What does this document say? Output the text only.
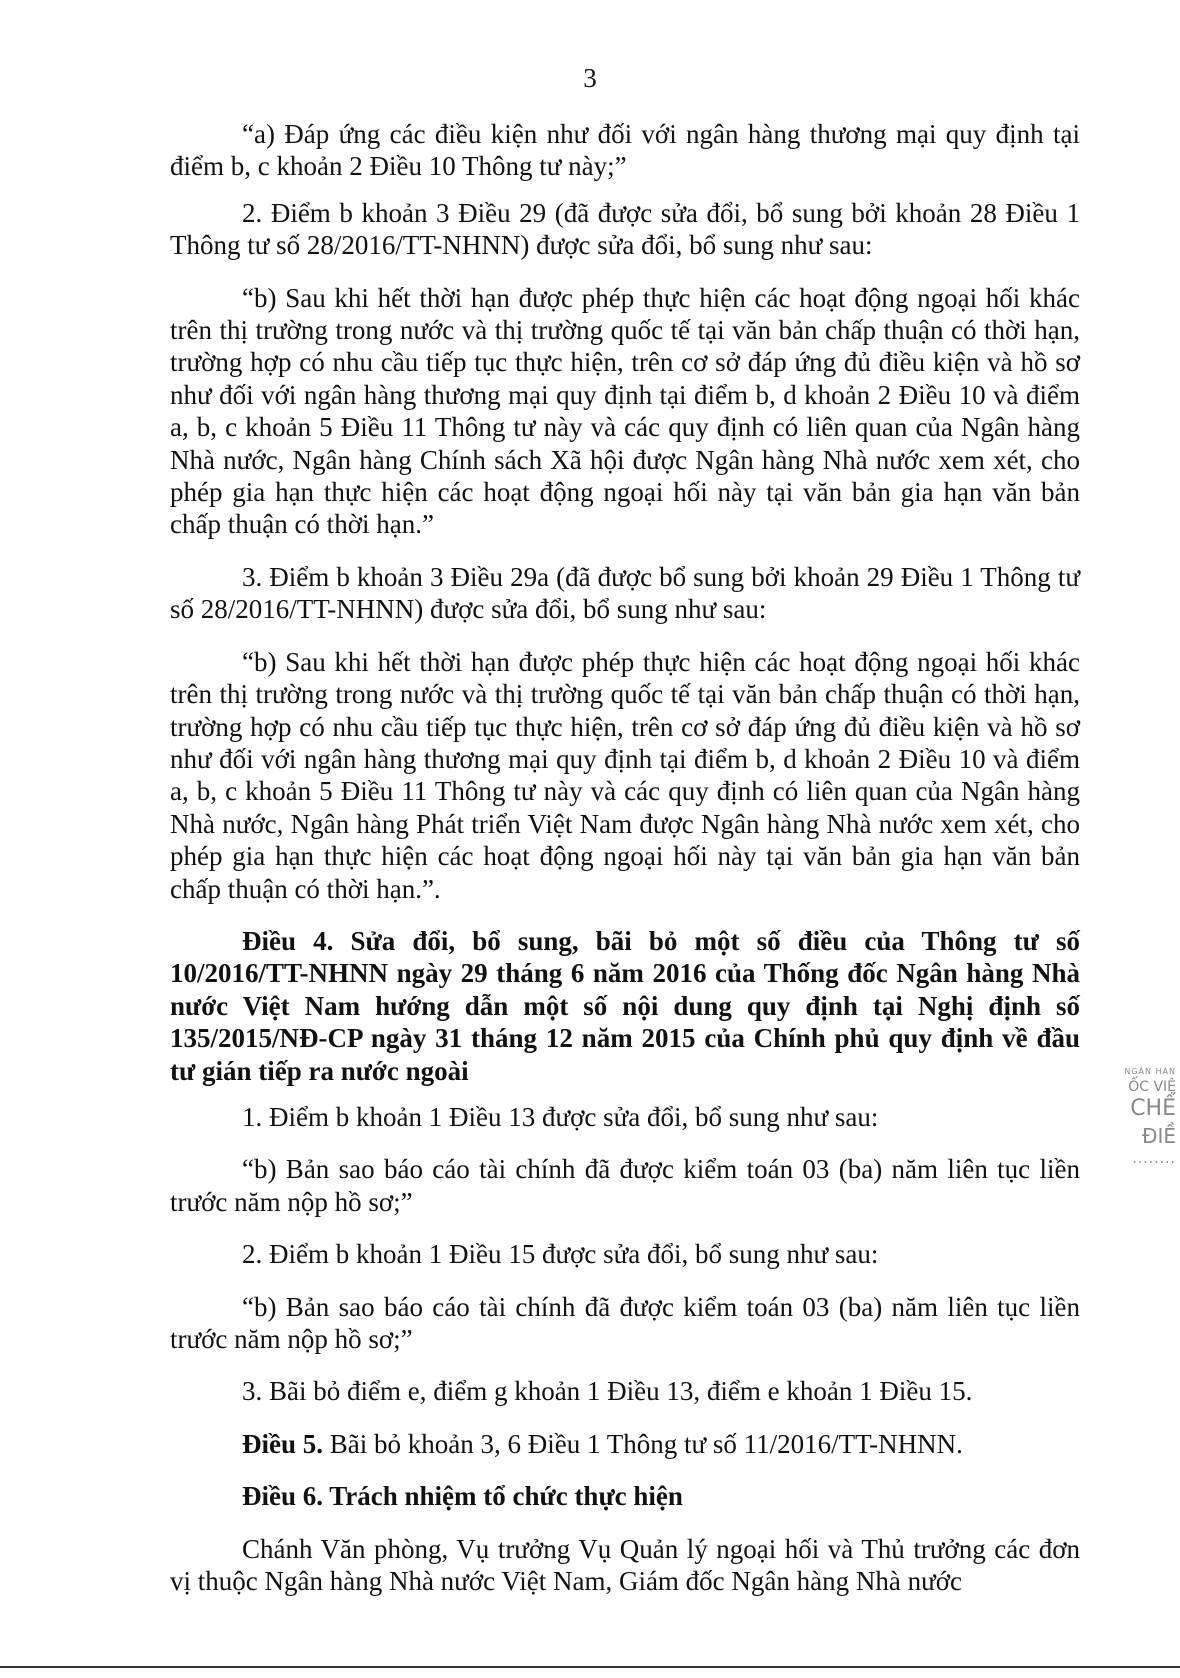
3

“a) Đáp ứng các điều kiện như đối với ngân hàng thương mại quy định tại điểm b, c khoản 2 Điều 10 Thông tư này;”

2. Điểm b khoản 3 Điều 29 (đã được sửa đổi, bổ sung bởi khoản 28 Điều 1 Thông tư số 28/2016/TT-NHNN) được sửa đổi, bổ sung như sau:

“b) Sau khi hết thời hạn được phép thực hiện các hoạt động ngoại hối khác trên thị trường trong nước và thị trường quốc tế tại văn bản chấp thuận có thời hạn, trường hợp có nhu cầu tiếp tục thực hiện, trên cơ sở đáp ứng đủ điều kiện và hồ sơ như đối với ngân hàng thương mại quy định tại điểm b, d khoản 2 Điều 10 và điểm a, b, c khoản 5 Điều 11 Thông tư này và các quy định có liên quan của Ngân hàng Nhà nước, Ngân hàng Chính sách Xã hội được Ngân hàng Nhà nước xem xét, cho phép gia hạn thực hiện các hoạt động ngoại hối này tại văn bản gia hạn văn bản chấp thuận có thời hạn.”

3. Điểm b khoản 3 Điều 29a (đã được bổ sung bởi khoản 29 Điều 1 Thông tư số 28/2016/TT-NHNN) được sửa đổi, bổ sung như sau:

“b) Sau khi hết thời hạn được phép thực hiện các hoạt động ngoại hối khác trên thị trường trong nước và thị trường quốc tế tại văn bản chấp thuận có thời hạn, trường hợp có nhu cầu tiếp tục thực hiện, trên cơ sở đáp ứng đủ điều kiện và hồ sơ như đối với ngân hàng thương mại quy định tại điểm b, d khoản 2 Điều 10 và điểm a, b, c khoản 5 Điều 11 Thông tư này và các quy định có liên quan của Ngân hàng Nhà nước, Ngân hàng Phát triển Việt Nam được Ngân hàng Nhà nước xem xét, cho phép gia hạn thực hiện các hoạt động ngoại hối này tại văn bản gia hạn văn bản chấp thuận có thời hạn.”.

Điều 4. Sửa đổi, bổ sung, bãi bỏ một số điều của Thông tư số 10/2016/TT-NHNN ngày 29 tháng 6 năm 2016 của Thống đốc Ngân hàng Nhà nước Việt Nam hướng dẫn một số nội dung quy định tại Nghị định số 135/2015/NĐ-CP ngày 31 tháng 12 năm 2015 của Chính phủ quy định về đầu tư gián tiếp ra nước ngoài

1. Điểm b khoản 1 Điều 13 được sửa đổi, bổ sung như sau:

“b) Bản sao báo cáo tài chính đã được kiểm toán 03 (ba) năm liên tục liền trước năm nộp hồ sơ;”

2. Điểm b khoản 1 Điều 15 được sửa đổi, bổ sung như sau:

“b) Bản sao báo cáo tài chính đã được kiểm toán 03 (ba) năm liên tục liền trước năm nộp hồ sơ;”

3. Bãi bỏ điểm e, điểm g khoản 1 Điều 13, điểm e khoản 1 Điều 15.

Điều 5. Bãi bỏ khoản 3, 6 Điều 1 Thông tư số 11/2016/TT-NHNN.

Điều 6. Trách nhiệm tổ chức thực hiện

Chánh Văn phòng, Vụ trưởng Vụ Quản lý ngoại hối và Thủ trưởng các đơn vị thuộc Ngân hàng Nhà nước Việt Nam, Giám đốc Ngân hàng Nhà nước

NGÂN HÀN
ỐC VIỆ
CHẾ
ĐIỀ
........
